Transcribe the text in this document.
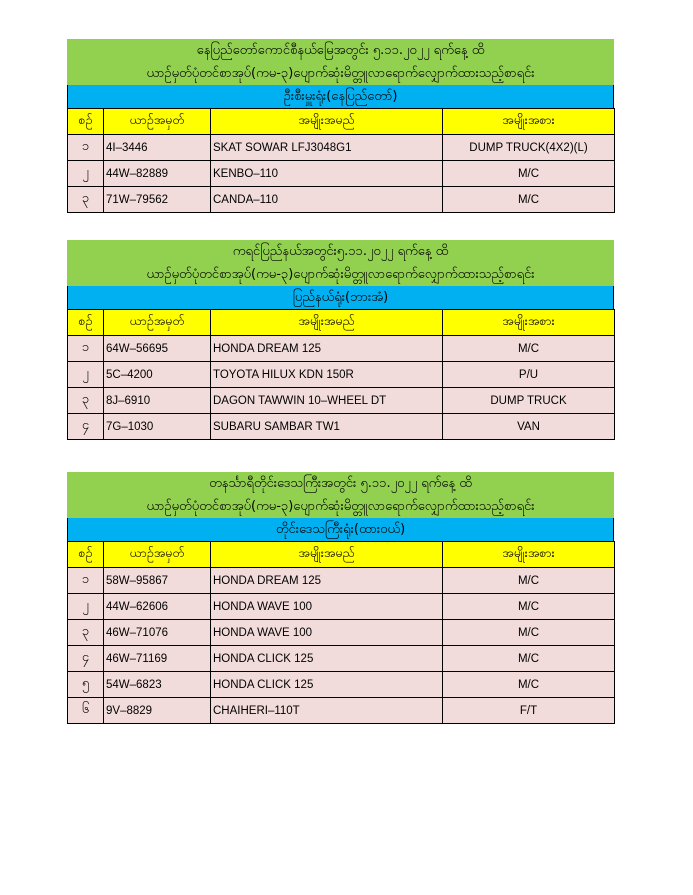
နေပြည်တော်ကောင်စီနယ်မြေအတွင်း ၅.၁၁.၂၀၂၂ ရက်နေ့ ထိ
ယာဥ်မှတ်ပုံတင်စာအုပ်(ကမ-၃)ပျောက်ဆုံးမိတ္တူလာရောက်လျှောက်ထားသည့်စာရင်း
ဦးစီးမှူးရုံး(နေပြည်တော်)
စဉ်	ယာဥ်အမှတ်	အမျိုးအမည်	အမျိုးအစား
၁	4I–3446	SKAT SOWAR LFJ3048G1	DUMP TRUCK(4X2)(L)
၂	44W–82889	KENBO–110	M/C
၃	71W–79562	CANDA–110	M/C
ကရင်ပြည်နယ်အတွင်း၅.၁၁.၂၀၂၂ ရက်နေ့ ထိ
ယာဥ်မှတ်ပုံတင်စာအုပ်(ကမ-၃)ပျောက်ဆုံးမိတ္တူလာရောက်လျှောက်ထားသည့်စာရင်း
ပြည်နယ်ရုံး(ဘားအံ)
စဉ်	ယာဥ်အမှတ်	အမျိုးအမည်	အမျိုးအစား
၁	64W–56695	HONDA DREAM 125	M/C
၂	5C–4200	TOYOTA HILUX KDN 150R	P/U
၃	8J–6910	DAGON TAWWIN 10–WHEEL DT	DUMP TRUCK
၄	7G–1030	SUBARU SAMBAR TW1	VAN
တနင်္သာရီတိုင်းဒေသကြီးအတွင်း ၅.၁၁.၂၀၂၂ ရက်နေ့ ထိ
ယာဥ်မှတ်ပုံတင်စာအုပ်(ကမ-၃)ပျောက်ဆုံးမိတ္တူလာရောက်လျှောက်ထားသည့်စာရင်း
တိုင်းဒေသကြီးရုံး(ထားဝယ်)
စဉ်	ယာဥ်အမှတ်	အမျိုးအမည်	အမျိုးအစား
၁	58W–95867	HONDA DREAM 125	M/C
၂	44W–62606	HONDA WAVE 100	M/C
၃	46W–71076	HONDA WAVE 100	M/C
၄	46W–71169	HONDA CLICK 125	M/C
၅	54W–6823	HONDA CLICK 125	M/C
၆	9V–8829	CHAIHERI–110T	F/T
